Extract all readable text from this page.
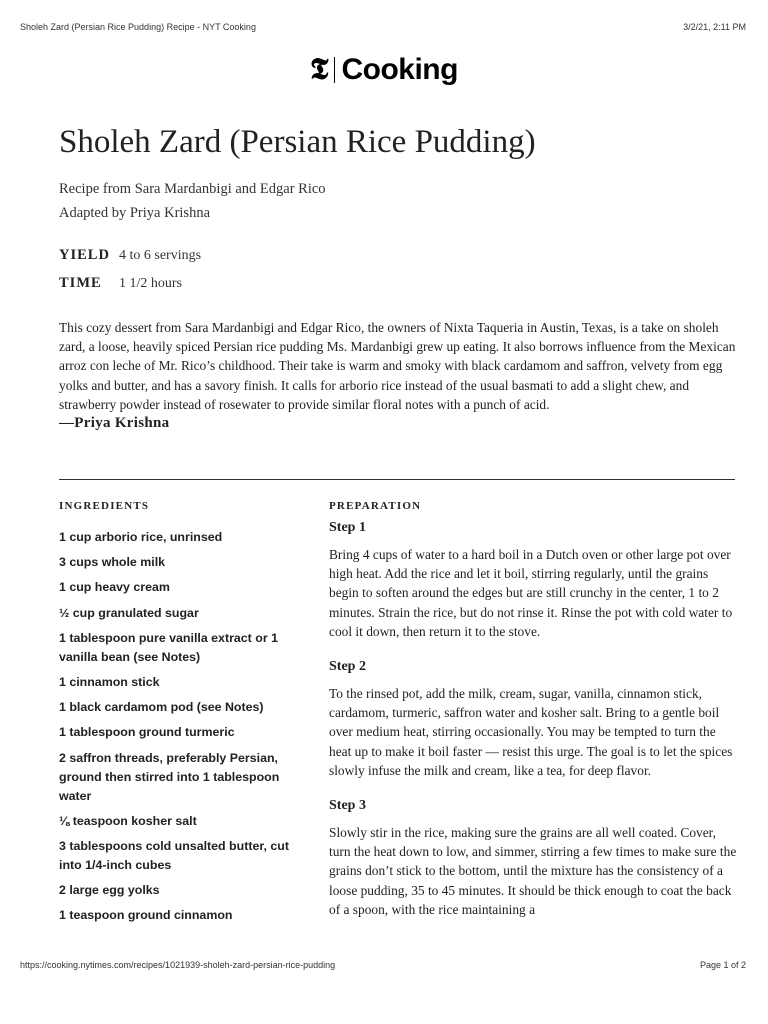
Sholeh Zard (Persian Rice Pudding) Recipe - NYT Cooking	3/2/21, 2:11 PM
𝕿 Cooking
Sholeh Zard (Persian Rice Pudding)
Recipe from Sara Mardanbigi and Edgar Rico
Adapted by Priya Krishna
YIELD 4 to 6 servings
TIME	1 1/2 hours
This cozy dessert from Sara Mardanbigi and Edgar Rico, the owners of Nixta Taqueria in Austin, Texas, is a take on sholeh zard, a loose, heavily spiced Persian rice pudding Ms. Mardanbigi grew up eating. It also borrows influence from the Mexican arroz con leche of Mr. Rico’s childhood. Their take is warm and smoky with black cardamom and saffron, velvety from egg yolks and butter, and has a savory finish. It calls for arborio rice instead of the usual basmati to add a slight chew, and strawberry powder instead of rosewater to provide similar floral notes with a punch of acid.
—Priya Krishna
INGREDIENTS	PREPARATION
1 cup arborio rice, unrinsed
3 cups whole milk
1 cup heavy cream
½ cup granulated sugar
1 tablespoon pure vanilla extract or 1 vanilla bean (see Notes)
1 cinnamon stick
1 black cardamom pod (see Notes)
1 tablespoon ground turmeric
2 saffron threads, preferably Persian, ground then stirred into 1 tablespoon water
⅛ teaspoon kosher salt
3 tablespoons cold unsalted butter, cut into 1/4-inch cubes
2 large egg yolks
1 teaspoon ground cinnamon
Step 1
Bring 4 cups of water to a hard boil in a Dutch oven or other large pot over high heat. Add the rice and let it boil, stirring regularly, until the grains begin to soften around the edges but are still crunchy in the center, 1 to 2 minutes. Strain the rice, but do not rinse it. Rinse the pot with cold water to cool it down, then return it to the stove.
Step 2
To the rinsed pot, add the milk, cream, sugar, vanilla, cinnamon stick, cardamom, turmeric, saffron water and kosher salt. Bring to a gentle boil over medium heat, stirring occasionally. You may be tempted to turn the heat up to make it boil faster — resist this urge. The goal is to let the spices slowly infuse the milk and cream, like a tea, for deep flavor.
Step 3
Slowly stir in the rice, making sure the grains are all well coated. Cover, turn the heat down to low, and simmer, stirring a few times to make sure the grains don’t stick to the bottom, until the mixture has the consistency of a loose pudding, 35 to 45 minutes. It should be thick enough to coat the back of a spoon, with the rice maintaining a
https://cooking.nytimes.com/recipes/1021939-sholeh-zard-persian-rice-pudding	Page 1 of 2
